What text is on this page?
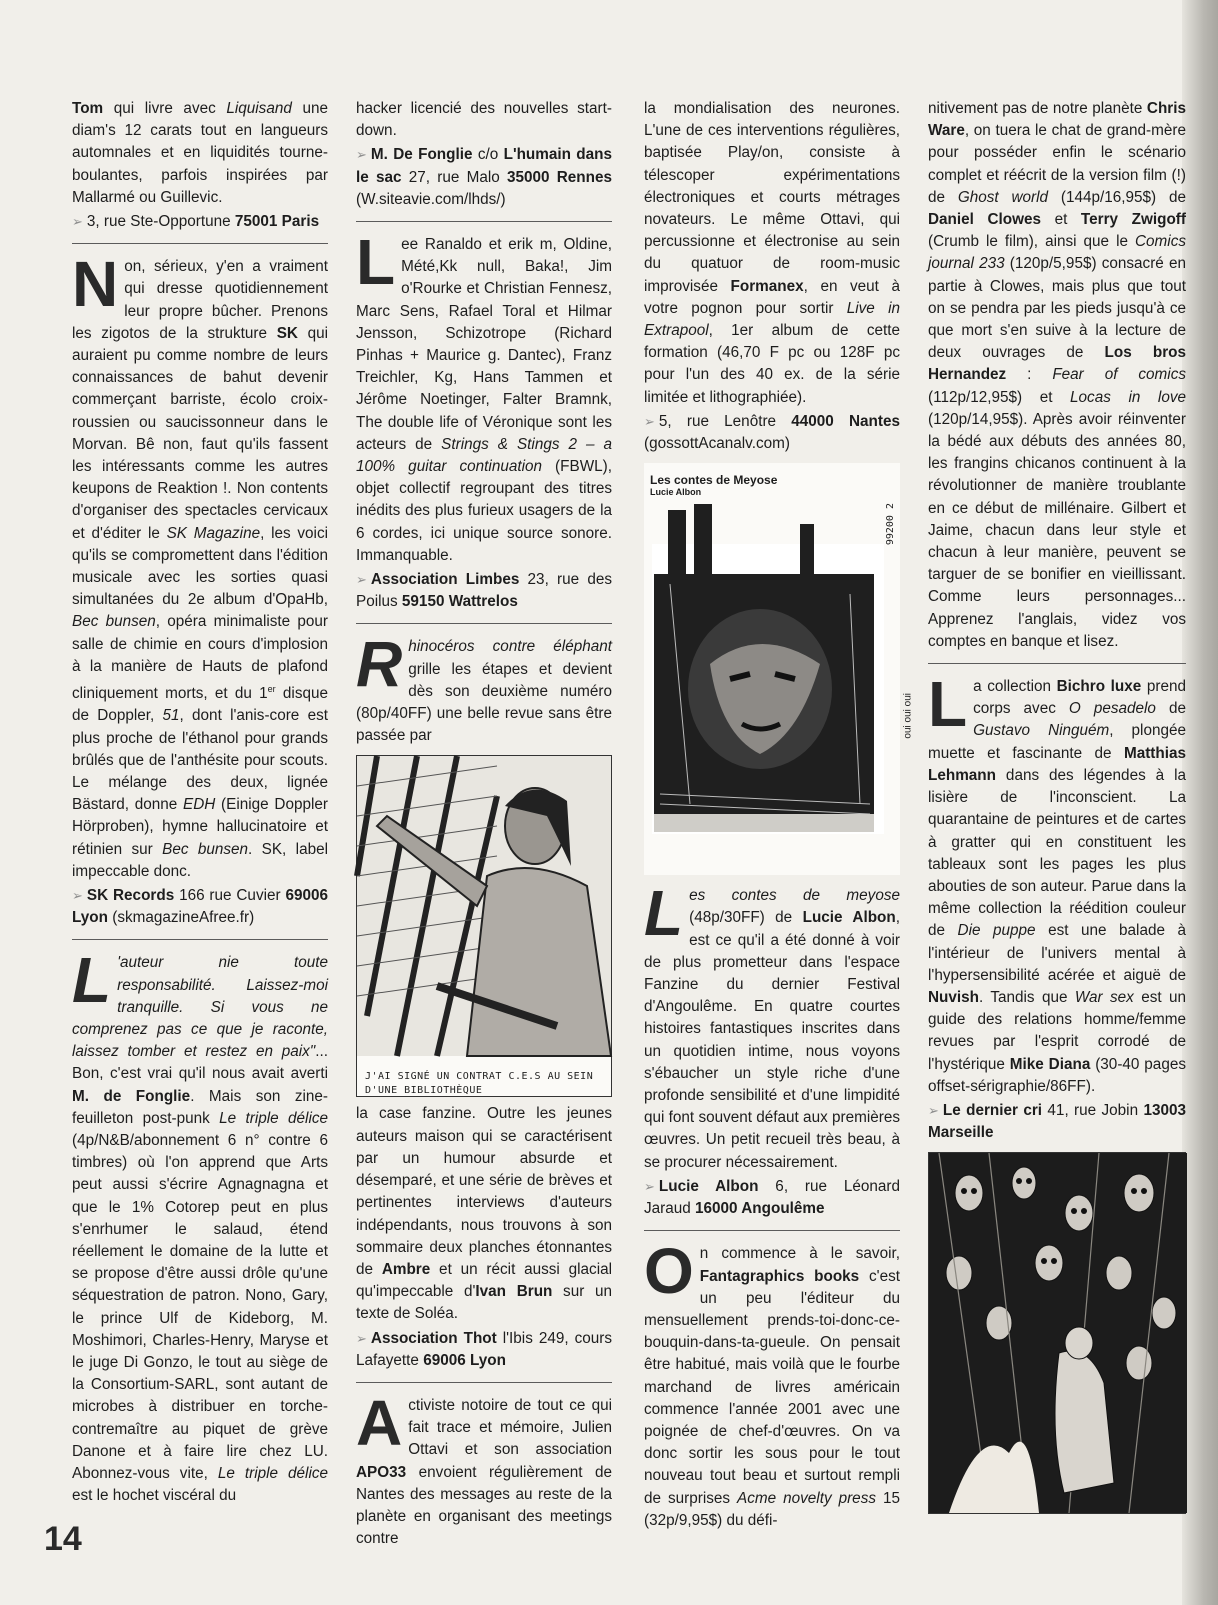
Tom qui livre avec Liquisand une diam's 12 carats tout en langueurs automnales et en liquidités tourne-boulantes, parfois inspirées par Mallarmé ou Guillevic.

➢ 3, rue Ste-Opportune 75001 Paris

Non, sérieux, y'en a vraiment qui dresse quotidiennement leur propre bûcher. Prenons les zigotos de la strukture SK qui auraient pu comme nombre de leurs connaissances de bahut devenir commerçant barriste, écolo croix-roussien ou saucissonneur dans le Morvan. Bê non, faut qu'ils fassent les intéressants comme les autres keupons de Reaktion !. Non contents d'organiser des spectacles cervicaux et d'éditer le SK Magazine, les voici qu'ils se compromettent dans l'édition musicale avec les sorties quasi simultanées du 2e album d'OpaHb, Bec bunsen, opéra minimaliste pour salle de chimie en cours d'implosion à la manière de Hauts de plafond cliniquement morts, et du 1er disque de Doppler, 51, dont l'anis-core est plus proche de l'éthanol pour grands brûlés que de l'anthésite pour scouts. Le mélange des deux, lignée Bästard, donne EDH (Einige Doppler Hörproben), hymne hallucinatoire et rétinien sur Bec bunsen. SK, label impeccable donc.

➢ SK Records 166 rue Cuvier 69006 Lyon (skmagazineAfree.fr)

L 'auteur nie toute responsabilité. Laissez-moi tranquille. Si vous ne comprenez pas ce que je raconte, laissez tomber et restez en paix"... Bon, c'est vrai qu'il nous avait averti M. de Fonglie. Mais son zine-feuilleton post-punk Le triple délice (4p/N&B/abonnement 6 n° contre 6 timbres) où l'on apprend que Arts peut aussi s'écrire Agnagnagna et que le 1% Cotorep peut en plus s'enrhumer le salaud, étend réellement le domaine de la lutte et se propose d'être aussi drôle qu'une séquestration de patron. Nono, Gary, le prince Ulf de Kideborg, M. Moshimori, Charles-Henry, Maryse et le juge Di Gonzo, le tout au siège de la Consortium-SARL, sont autant de microbes à distribuer en torche-contremaître au piquet de grève Danone et à faire lire chez LU. Abonnez-vous vite, Le triple délice est le hochet viscéral du

hacker licencié des nouvelles start-down.

➢ M. De Fonglie c/o L'humain dans le sac 27, rue Malo 35000 Rennes (W.siteavie.com/lhds/)

Lee Ranaldo et erik m, Oldine, Mété,Kk null, Baka!, Jim o'Rourke et Christian Fennesz, Marc Sens, Rafael Toral et Hilmar Jensson, Schizotrope (Richard Pinhas + Maurice g. Dantec), Franz Treichler, Kg, Hans Tammen et Jérôme Noetinger, Falter Bramnk, The double life of Véronique sont les acteurs de Strings & Stings 2 – a 100% guitar continuation (FBWL), objet collectif regroupant des titres inédits des plus furieux usagers de la 6 cordes, ici unique source sonore. Immanquable.

➢ Association Limbes 23, rue des Poilus 59150 Wattrelos

Rhinocéros contre éléphant grille les étapes et devient dès son deuxième numéro (80p/40FF) une belle revue sans être passée par

J'AI SIGNÉ UN CONTRAT C.E.S AU SEIN
D'UNE BIBLIOTHÈQUE

la case fanzine. Outre les jeunes auteurs maison qui se caractérisent par un humour absurde et désemparé, et une série de brèves et pertinentes interviews d'auteurs indépendants, nous trouvons à son sommaire deux planches étonnantes de Ambre et un récit aussi glacial qu'impeccable d'Ivan Brun sur un texte de Soléa.

➢ Association Thot l'Ibis 249, cours Lafayette 69006 Lyon

Activiste notoire de tout ce qui fait trace et mémoire, Julien Ottavi et son association APO33 envoient régulièrement de Nantes des messages au reste de la planète en organisant des meetings contre

la mondialisation des neurones. L'une de ces interventions régulières, baptisée Play/on, consiste à télescoper expérimentations électroniques et courts métrages novateurs. Le même Ottavi, qui percussionne et électronise au sein du quatuor de room-music improvisée Formanex, en veut à votre pognon pour sortir Live in Extrapool, 1er album de cette formation (46,70 F pc ou 128F pc pour l'un des 40 ex. de la série limitée et lithographiée).

➢ 5, rue Lenôtre 44000 Nantes (gossottAcanalv.com)

Les contes de Meyose
Lucie Albon
99200 2
oui oui oui

Les contes de meyose (48p/30FF) de Lucie Albon, est ce qu'il a été donné à voir de plus prometteur dans l'espace Fanzine du dernier Festival d'Angoulême. En quatre courtes histoires fantastiques inscrites dans un quotidien intime, nous voyons s'ébaucher un style riche d'une profonde sensibilité et d'une limpidité qui font souvent défaut aux premières œuvres. Un petit recueil très beau, à se procurer nécessairement.

➢ Lucie Albon 6, rue Léonard Jaraud 16000 Angoulême

On commence à le savoir, Fantagraphics books c'est un peu l'éditeur du mensuellement prends-toi-donc-ce-bouquin-dans-ta-gueule. On pensait être habitué, mais voilà que le fourbe marchand de livres américain commence l'année 2001 avec une poignée de chef-d'œuvres. On va donc sortir les sous pour le tout nouveau tout beau et surtout rempli de surprises Acme novelty press 15 (32p/9,95$) du défi-

nitivement pas de notre planète Chris Ware, on tuera le chat de grand-mère pour posséder enfin le scénario complet et réécrit de la version film (!) de Ghost world (144p/16,95$) de Daniel Clowes et Terry Zwigoff (Crumb le film), ainsi que le Comics journal 233 (120p/5,95$) consacré en partie à Clowes, mais plus que tout on se pendra par les pieds jusqu'à ce que mort s'en suive à la lecture de deux ouvrages de Los bros Hernandez : Fear of comics (112p/12,95$) et Locas in love (120p/14,95$). Après avoir réinventer la bédé aux débuts des années 80, les frangins chicanos continuent à la révolutionner de manière troublante en ce début de millénaire. Gilbert et Jaime, chacun dans leur style et chacun à leur manière, peuvent se targuer de se bonifier en vieillissant. Comme leurs personnages... Apprenez l'anglais, videz vos comptes en banque et lisez.

La collection Bichro luxe prend corps avec O pesadelo de Gustavo Ninguém, plongée muette et fascinante de Matthias Lehmann dans des légendes à la lisière de l'inconscient. La quarantaine de peintures et de cartes à gratter qui en constituent les tableaux sont les pages les plus abouties de son auteur. Parue dans la même collection la réédition couleur de Die puppe est une balade à l'intérieur de l'univers mental à l'hypersensibilité acérée et aiguë de Nuvish. Tandis que War sex est un guide des relations homme/femme revues par l'esprit corrodé de l'hystérique Mike Diana (30-40 pages offset-sérigraphie/86FF).

➢ Le dernier cri 41, rue Jobin 13003 Marseille

14
